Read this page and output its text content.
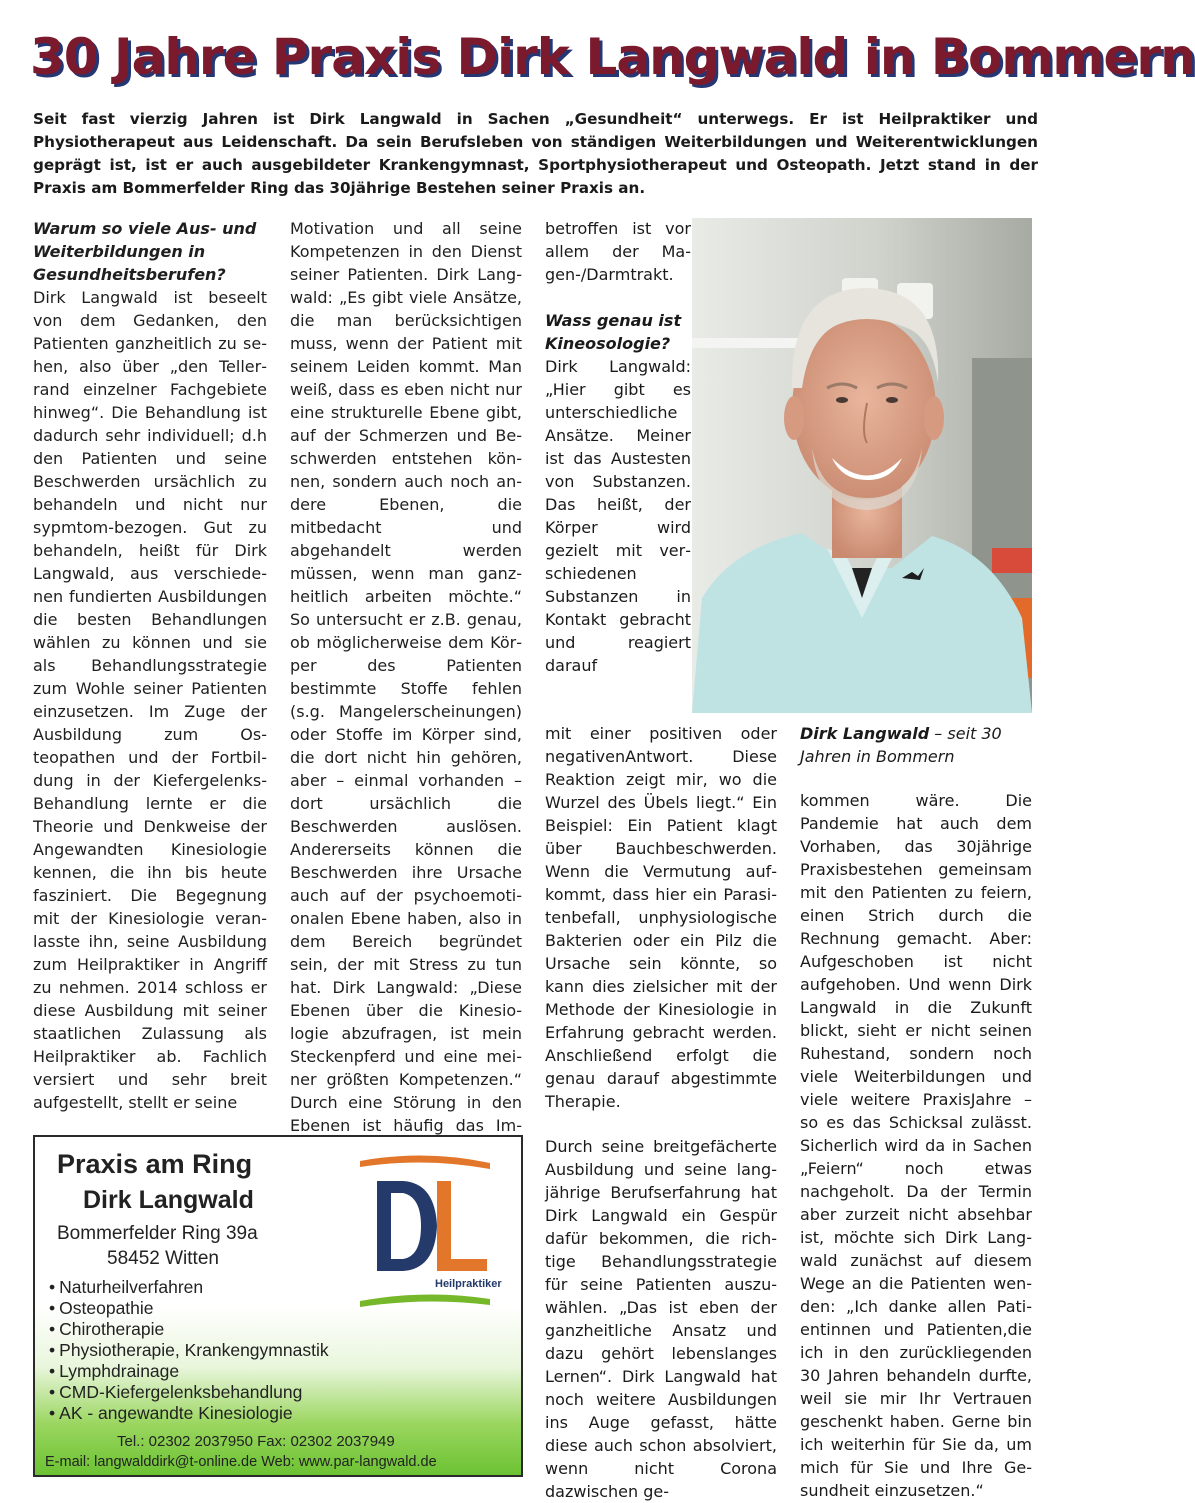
30 Jahre Praxis Dirk Langwald in Bommern
Seit fast vierzig Jahren ist Dirk Langwald in Sachen „Gesundheit“ unterwegs. Er ist Heilpraktiker und Physiotherapeut aus Leidenschaft. Da sein Berufsleben von ständigen Weiterbildungen und Weiterentwicklungen geprägt ist, ist er auch ausgebildeter Krankengymnast, Sportphysiotherapeut und Osteopath. Jetzt stand in der Praxis am Bommerfelder Ring das 30jährige Bestehen seiner Praxis an.
Warum so viele Aus- und Weiterbildungen in Gesundheitsberufen?

Dirk Langwald ist beseelt von dem Gedanken, den Patienten ganzheitlich zu sehen, also über „den Tellerrand einzelner Fachgebiete hinweg“. Die Behandlung ist dadurch sehr individuell; d.h den Patienten und seine Beschwerden ursächlich zu behandeln und nicht nur sypmtom-bezogen. Gut zu behandeln, heißt für Dirk Langwald, aus verschiedenen fundierten Ausbildungen die besten Behandlungen wählen zu können und sie als Behandlungsstrategie zum Wohle seiner Patienten einzusetzen. Im Zuge der Ausbildung zum Osteopathen und der Fortbildung in der Kiefergelenks-Behandlung lernte er die Theorie und Denkweise der Angewandten Kinesiologie kennen, die ihn bis heute fasziniert. Die Begegnung mit der Kinesiologie veranlasste ihn, seine Ausbildung zum Heilpraktiker in Angriff zu nehmen. 2014 schloss er diese Ausbildung mit seiner staatlichen Zulassung als Heilpraktiker ab. Fachlich versiert und sehr breit aufgestellt, stellt er seine

Motivation und all seine Kompetenzen in den Dienst seiner Patienten. Dirk Langwald: „Es gibt viele Ansätze, die man berücksichtigen muss, wenn der Patient mit seinem Leiden kommt. Man weiß, dass es eben nicht nur eine strukturelle Ebene gibt, auf der Schmerzen und Beschwerden entstehen können, sondern auch noch andere Ebenen, die mitbedacht und abgehandelt werden müssen, wenn man ganzheitlich arbeiten möchte.“ So untersucht er z.B. genau, ob möglicherweise dem Körper des Patienten bestimmte Stoffe fehlen (s.g. Mangelerscheinungen) oder Stoffe im Körper sind, die dort nicht hin gehören, aber – einmal vorhanden – dort ursächlich die Beschwerden auslösen. Andererseits können die Beschwerden ihre Ursache auch auf der psychoemotionalen Ebene haben, also in dem Bereich begründet sein, der mit Stress zu tun hat. Dirk Langwald: „Diese Ebenen über die Kinesiologie abzufragen, ist mein Steckenpferd und eine meiner größten Kompetenzen.“ Durch eine Störung in den Ebenen ist häufig das Im

betroffen ist vor allem der Magen-/Darmtrakt.

Wass genau ist Kineosologie?

Dirk Langwald: „Hier gibt es unterschiedliche Ansätze. Meiner ist das Austesten von Substanzen. Das heißt, der Körper wird gezielt mit verschiedenen Substanzen in Kontakt gebracht und reagiert darauf

mit einer positiven oder negativenAntwort. Diese Reaktion zeigt mir, wo die Wurzel des Übels liegt.“ Ein Beispiel: Ein Patient klagt über Bauchbeschwerden. Wenn die Vermutung aufkommt, dass hier ein Parasitenbefall, unphysiologische Bakterien oder ein Pilz die Ursache sein könnte, so kann dies zielsicher mit der Methode der Kinesiologie in Erfahrung gebracht werden. Anschließend erfolgt die genau darauf abgestimmte Therapie.

Durch seine breitgefächerte Ausbildung und seine langjährige Berufserfahrung hat Dirk Langwald ein Gespür dafür bekommen, die richtige Behandlungsstrategie für seine Patienten auszuwählen. „Das ist eben der ganzheitliche Ansatz und dazu gehört lebenslanges Lernen“. Dirk Langwald hat noch weitere Ausbildungen ins Auge gefasst, hätte diese auch schon absolviert, wenn nicht Corona dazwischen ge-

Dirk Langwald – seit 30 Jahren in Bommern

kommen wäre. Die Pandemie hat auch dem Vorhaben, das 30jährige Praxisbestehen gemeinsam mit den Patienten zu feiern, einen Strich durch die Rechnung gemacht. Aber: Aufgeschoben ist nicht aufgehoben. Und wenn Dirk Langwald in die Zukunft blickt, sieht er nicht seinen Ruhestand, sondern noch viele Weiterbildungen und viele weitere PraxisJahre – so es das Schicksal zulässt. Sicherlich wird da in Sachen „Feiern“ noch etwas nachgeholt. Da der Termin aber zurzeit nicht absehbar ist, möchte sich Dirk Langwald zunächst auf diesem Wege an die Patienten wenden: „Ich danke allen Patientinnen und Patienten,die ich in den zurückliegenden 30 Jahren behandeln durfte, weil sie mir Ihr Vertrauen geschenkt haben. Gerne bin ich weiterhin für Sie da, um mich für Sie und Ihre Gesundheit einzusetzen.“

Praxis am Ring
Dirk Langwald
Bommerfelder Ring 39a
58452 Witten
Heilpraktiker
• Naturheilverfahren
• Osteopathie
• Chirotherapie
• Physiotherapie, Krankengymnastik
• Lymphdrainage
• CMD-Kiefergelenksbehandlung
• AK - angewandte Kinesiologie
Tel.: 02302 2037950 Fax: 02302 2037949
E-mail: langwalddirk@t-online.de Web: www.par-langwald.de
